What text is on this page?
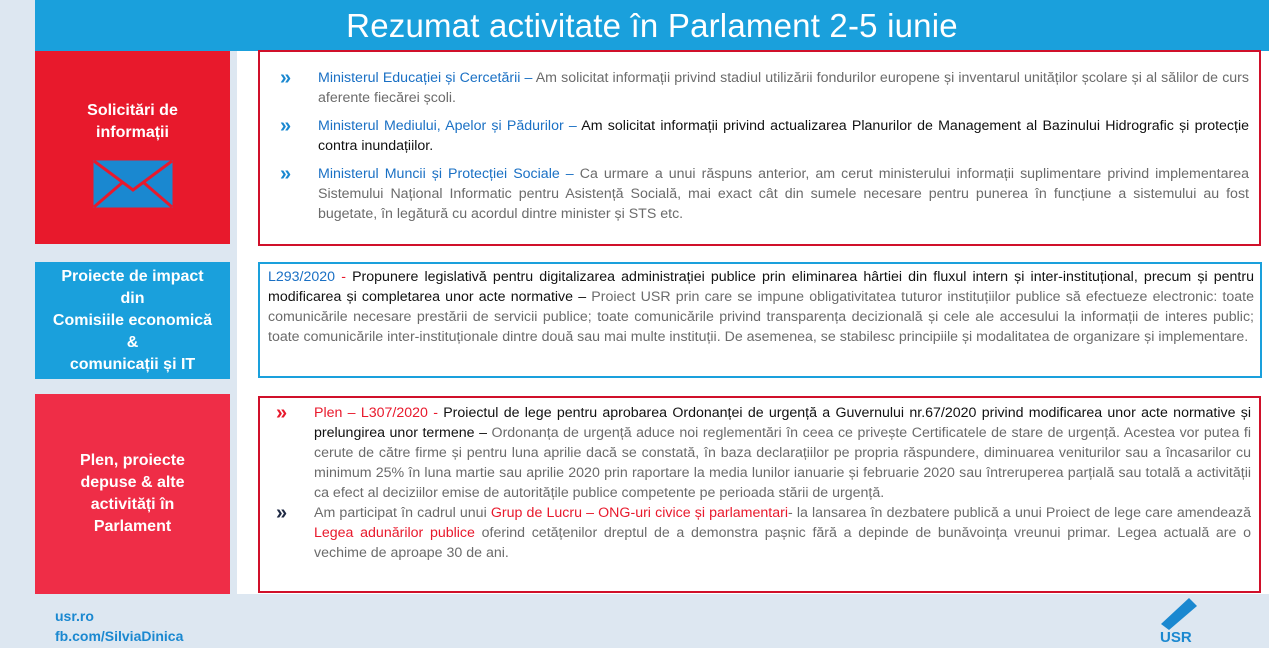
Rezumat activitate în Parlament 2-5 iunie
Solicitări de
informații
Proiecte de impact
din
Comisiile economică
&
comunicații și IT
Plen, proiecte
depuse & alte
activități în
Parlament
»	Ministerul Educației și Cercetării – Am solicitat informații privind stadiul utilizării fondurilor europene și inventarul unităților școlare și al sălilor de curs aferente fiecărei școli.
»	Ministerul Mediului, Apelor și Pădurilor – Am solicitat informații privind actualizarea Planurilor de Management al Bazinului Hidrografic și protecție contra inundațiilor.
»	Ministerul Muncii și Protecției Sociale – Ca urmare a unui răspuns anterior, am cerut ministerului informații suplimentare privind implementarea Sistemului Național Informatic pentru Asistență Socială, mai exact cât din sumele necesare pentru punerea în funcțiune a sistemului au fost bugetate, în legătură cu acordul dintre minister și STS etc.
L293/2020 - Propunere legislativă pentru digitalizarea administrației publice prin eliminarea hârtiei din fluxul intern și inter-instituțional, precum și pentru modificarea și completarea unor acte normative – Proiect USR prin care se impune obligativitatea tuturor instituțiilor publice să efectueze electronic: toate comunicările necesare prestării de servicii publice; toate comunicările privind transparența decizională și cele ale accesului la informații de interes public; toate comunicările inter-instituționale dintre două sau mai multe instituții. De asemenea, se stabilesc principiile și modalitatea de organizare și implementare.
»	Plen – L307/2020 - Proiectul de lege pentru aprobarea Ordonanței de urgență a Guvernului nr.67/2020 privind modificarea unor acte normative și prelungirea unor termene – Ordonanța de urgență aduce noi reglementări în ceea ce privește Certificatele de stare de urgență. Acestea vor putea fi cerute de către firme și pentru luna aprilie dacă se constată, în baza declarațiilor pe propria răspundere, diminuarea veniturilor sau a încasarilor cu minimum 25% în luna martie sau aprilie 2020 prin raportare la media lunilor ianuarie și februarie 2020 sau întreruperea parțială sau totală a activității ca efect al deciziilor emise de autoritățile publice competente pe perioada stării de urgență.
»	Am participat în cadrul unui Grup de Lucru – ONG-uri civice și parlamentari- la lansarea în dezbatere publică a unui Proiect de lege care amendează Legea adunărilor publice oferind cetățenilor dreptul de a demonstra pașnic fără a depinde de bunăvoința vreunui primar. Legea actuală are o vechime de aproape 30 de ani.
usr.ro
fb.com/SilviaDinica	USR
